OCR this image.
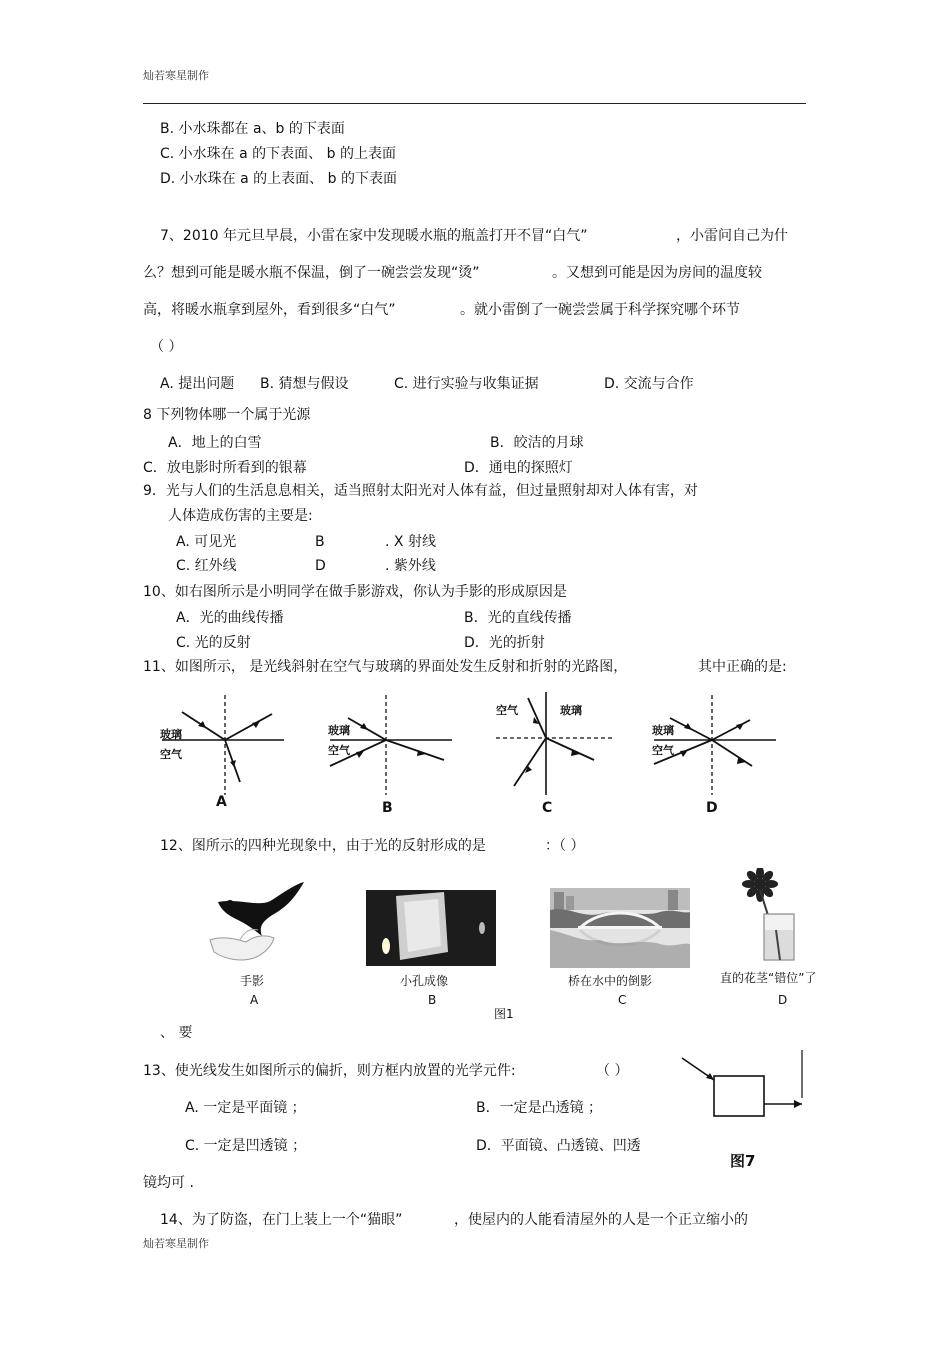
灿若寒星制作
灿若寒星制作
B. 小水珠都在 a、b 的下表面
C. 小水珠在 a 的下表面、 b 的上表面
D. 小水珠在 a 的上表面、 b 的下表面
7、2010 年元旦早晨，小雷在家中发现暖水瓶的瓶盖打开不冒“白气”	，小雷问自己为什
么？想到可能是暖水瓶不保温，倒了一碗尝尝发现“烫”	。又想到可能是因为房间的温度较
高，将暖水瓶拿到屋外，看到很多“白气”	。就小雷倒了一碗尝尝属于科学探究哪个环节
（ ）
A. 提出问题 B. 猜想与假设	C. 进行实验与收集证据	D. 交流与合作
8 下列物体哪一个属于光源
A．地上的白雪	B．皎洁的月球
C．放电影时所看到的银幕	D．通电的探照灯
9．光与人们的生活息息相关，适当照射太阳光对人体有益，但过量照射却对人体有害，对
人体造成伤害的主要是:
A. 可见光	B	. X 射线
C. 红外线	D	. 紫外线
10、如右图所示是小明同学在做手影游戏，你认为手影的形成原因是
A．光的曲线传播	B．光的直线传播
C. 光的反射	D．光的折射
11、如图所示， 是光线斜射在空气与玻璃的界面处发生反射和折射的光路图，	其中正确的是:
玻璃
空气
A
玻璃
空气
B
空气	玻璃
C
玻璃
空气
D
12、图所示的四种光现象中，由于光的反射形成的是	：（ ）
手影
A
小孔成像
B
桥在水中的倒影
C
直的花茎“错位”了
D
图1
、 要
13、使光线发生如图所示的偏折，则方框内放置的光学元件:	（ ）
A. 一定是平面镜 ；	B．一定是凸透镜 ；
C. 一定是凹透镜 ；	D．平面镜、凸透镜、凹透
镜均可 .
图7
14、为了防盗，在门上装上一个“猫眼”	，使屋内的人能看清屋外的人是一个正立缩小的
